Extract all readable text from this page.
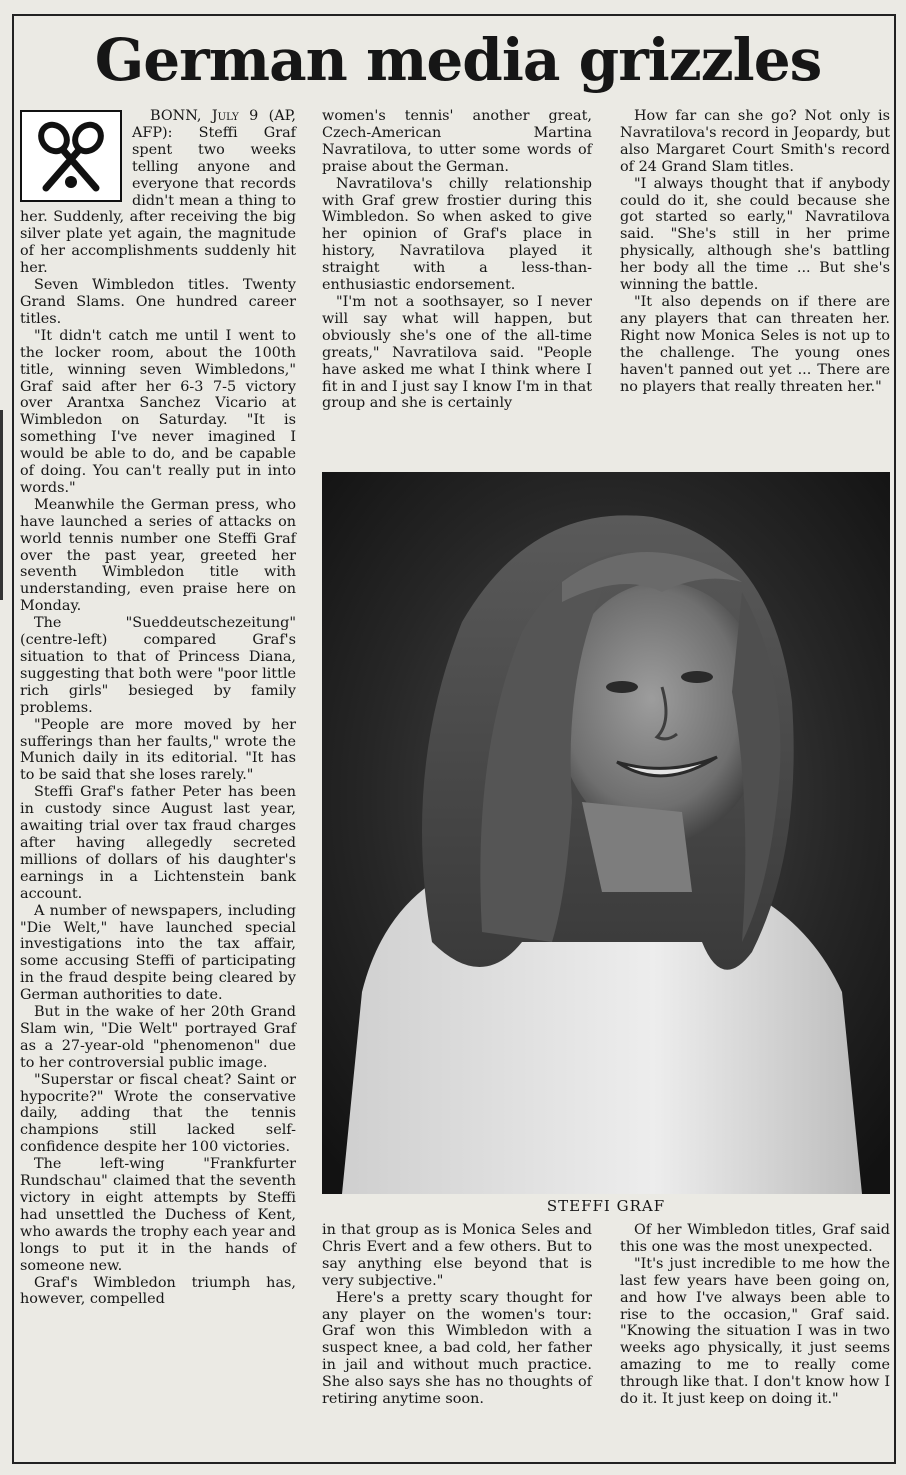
German media grizzles

BONN, July 9 (AP, AFP): Steffi Graf spent two weeks telling anyone and everyone that records didn't mean a thing to her. Suddenly, after receiving the big silver plate yet again, the magnitude of her accomplishments suddenly hit her.

Seven Wimbledon titles. Twenty Grand Slams. One hundred career titles.

"It didn't catch me until I went to the locker room, about the 100th title, winning seven Wimbledons," Graf said after her 6-3 7-5 victory over Arantxa Sanchez Vicario at Wimbledon on Saturday. "It is something I've never imagined I would be able to do, and be capable of doing. You can't really put in into words."

Meanwhile the German press, who have launched a series of attacks on world tennis number one Steffi Graf over the past year, greeted her seventh Wimbledon title with understanding, even praise here on Monday.

The "Sueddeutschezeitung" (centre-left) compared Graf's situation to that of Princess Diana, suggesting that both were "poor little rich girls" besieged by family problems.

"People are more moved by her sufferings than her faults," wrote the Munich daily in its editorial. "It has to be said that she loses rarely."

Steffi Graf's father Peter has been in custody since August last year, awaiting trial over tax fraud charges after having allegedly secreted millions of dollars of his daughter's earnings in a Lichtenstein bank account.

A number of newspapers, including "Die Welt," have launched special investigations into the tax affair, some accusing Steffi of participating in the fraud despite being cleared by German authorities to date.

But in the wake of her 20th Grand Slam win, "Die Welt" portrayed Graf as a 27-year-old "phenomenon" due to her controversial public image.

"Superstar or fiscal cheat? Saint or hypocrite?" Wrote the conservative daily, adding that the tennis champions still lacked self-confidence despite her 100 victories.

The left-wing "Frankfurter Rundschau" claimed that the seventh victory in eight attempts by Steffi had unsettled the Duchess of Kent, who awards the trophy each year and longs to put it in the hands of someone new.

Graf's Wimbledon triumph has, however, compelled

women's tennis' another great, Czech-American Martina Navratilova, to utter some words of praise about the German.

Navratilova's chilly relationship with Graf grew frostier during this Wimbledon. So when asked to give her opinion of Graf's place in history, Navratilova played it straight with a less-than-enthusiastic endorsement.

"I'm not a soothsayer, so I never will say what will happen, but obviously she's one of the all-time greats," Navratilova said. "People have asked me what I think where I fit in and I just say I know I'm in that group and she is certainly

How far can she go? Not only is Navratilova's record in Jeopardy, but also Margaret Court Smith's record of 24 Grand Slam titles.

"I always thought that if anybody could do it, she could because she got started so early," Navratilova said. "She's still in her prime physically, although she's battling her body all the time ... But she's winning the battle.

"It also depends on if there are any players that can threaten her. Right now Monica Seles is not up to the challenge. The young ones haven't panned out yet ... There are no players that really threaten her."

STEFFI GRAF

in that group as is Monica Seles and Chris Evert and a few others. But to say anything else beyond that is very subjective."

Here's a pretty scary thought for any player on the women's tour: Graf won this Wimbledon with a suspect knee, a bad cold, her father in jail and without much practice. She also says she has no thoughts of retiring anytime soon.

Of her Wimbledon titles, Graf said this one was the most unexpected.

"It's just incredible to me how the last few years have been going on, and how I've always been able to rise to the occasion," Graf said. "Knowing the situation I was in two weeks ago physically, it just seems amazing to me to really come through like that. I don't know how I do it. It just keep on doing it."
